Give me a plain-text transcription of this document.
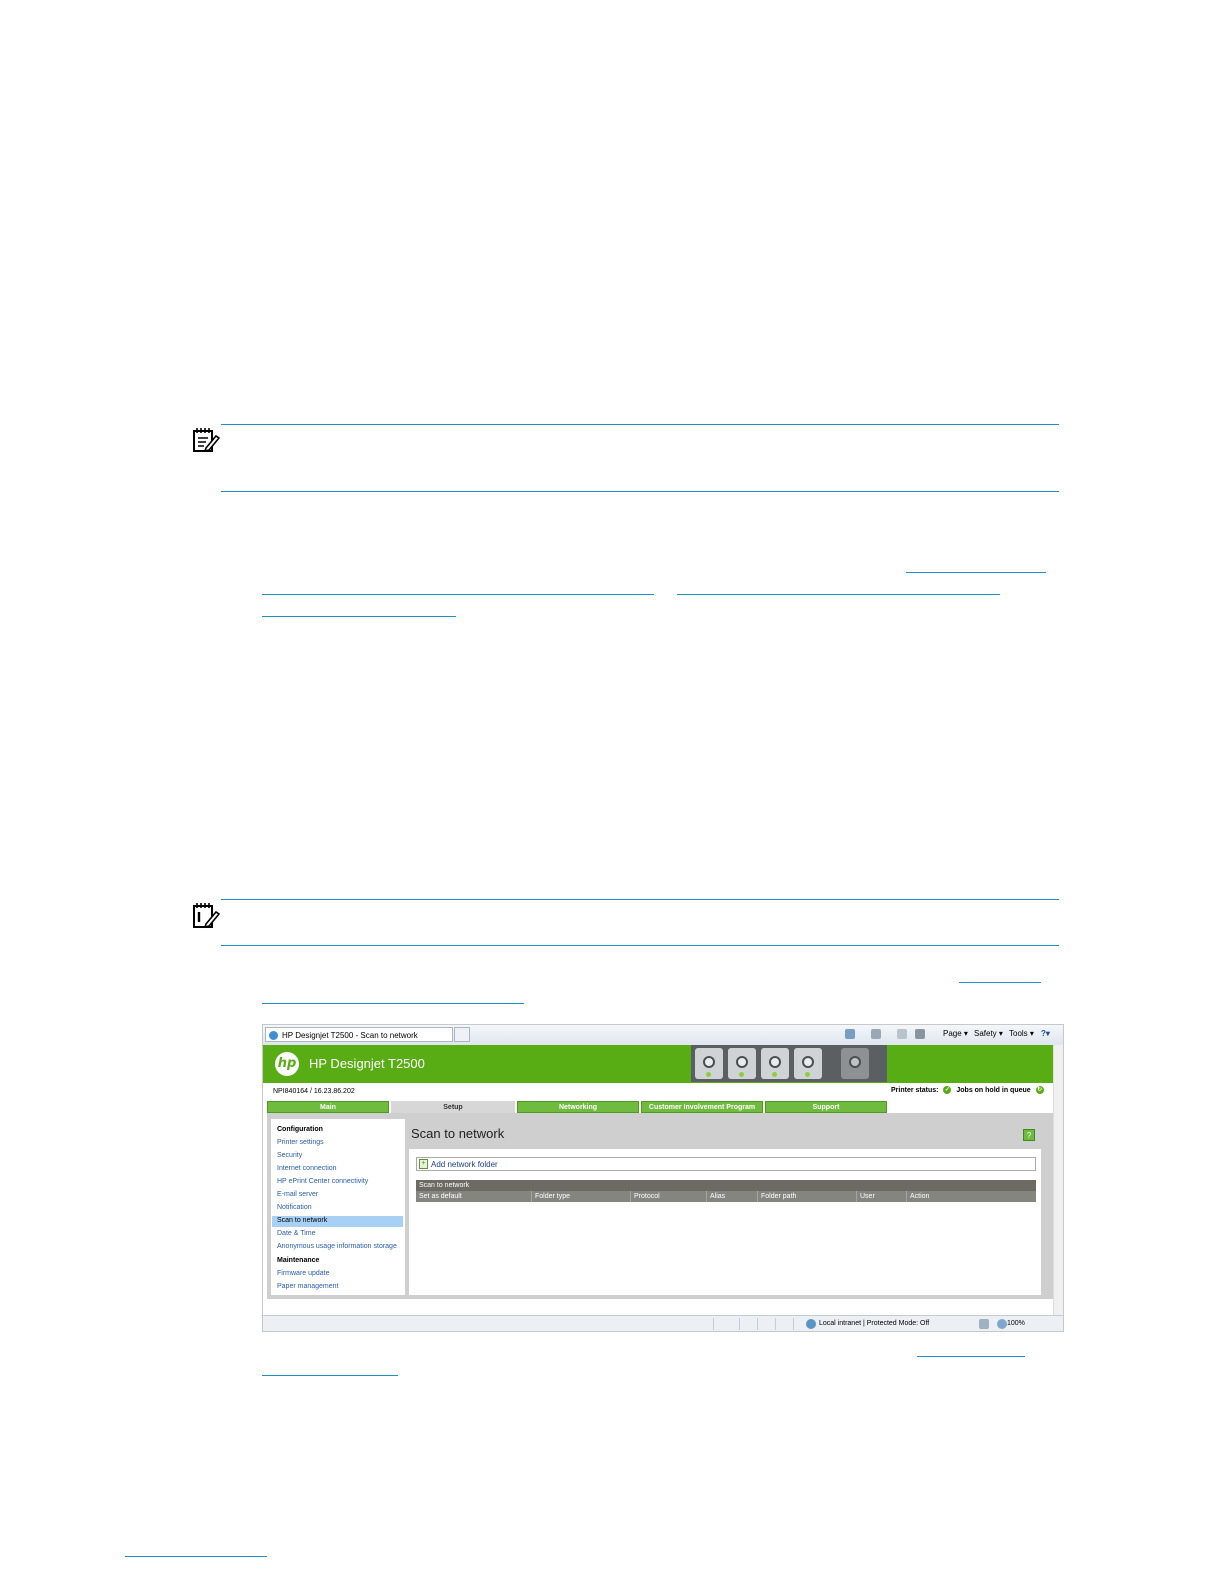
HP Designjet T2500 - Scan to network	Page ▾ Safety ▾ Tools ▾ ?▾
hp HP Designjet T2500
NPI840164 / 16.23.86.202	Printer status: ✓ Jobs on hold in queue ↻
Main	Setup	Networking	Customer Involvement Program	Support
Configuration
Printer settings
Security
Internet connection
HP ePrint Center connectivity
E-mail server
Notification
Scan to network
Date & Time
Anonymous usage information storage
Maintenance
Firmware update
Paper management
Scan to network	?
+ Add network folder
Scan to network
Set as default	Folder type	Protocol	Alias	Folder path	User	Action
Local intranet | Protected Mode: Off	100%
